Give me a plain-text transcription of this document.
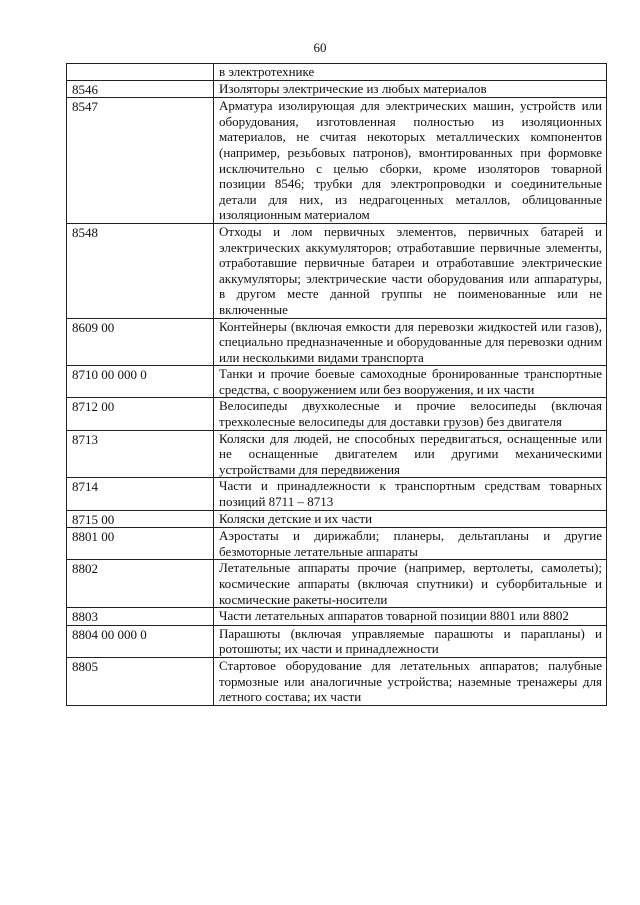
60
	в электротехнике
8546	Изоляторы электрические из любых материалов
8547	Арматура изолирующая для электрических машин, устройств или оборудования, изготовленная полностью из изоляционных материалов, не считая некоторых металлических компонентов (например, резьбовых патронов), вмонтированных при формовке исключительно с целью сборки, кроме изоляторов товарной позиции 8546; трубки для электропроводки и соединительные детали для них, из недрагоценных металлов, облицованные изоляционным материалом
8548	Отходы и лом первичных элементов, первичных батарей и электрических аккумуляторов; отработавшие первичные элементы, отработавшие первичные батареи и отработавшие электрические аккумуляторы; электрические части оборудования или аппаратуры, в другом месте данной группы не поименованные или не включенные
8609 00	Контейнеры (включая емкости для перевозки жидкостей или газов), специально предназначенные и оборудованные для перевозки одним или несколькими видами транспорта
8710 00 000 0	Танки и прочие боевые самоходные бронированные транспортные средства, с вооружением или без вооружения, и их части
8712 00	Велосипеды двухколесные и прочие велосипеды (включая трехколесные велосипеды для доставки грузов) без двигателя
8713	Коляски для людей, не способных передвигаться, оснащенные или не оснащенные двигателем или другими механическими устройствами для передвижения
8714	Части и принадлежности к транспортным средствам товарных позиций 8711 – 8713
8715 00	Коляски детские и их части
8801 00	Аэростаты и дирижабли; планеры, дельтапланы и другие безмоторные летательные аппараты
8802	Летательные аппараты прочие (например, вертолеты, самолеты); космические аппараты (включая спутники) и суборбитальные и космические ракеты-носители
8803	Части летательных аппаратов товарной позиции 8801 или 8802
8804 00 000 0	Парашюты (включая управляемые парашюты и парапланы) и ротошюты; их части и принадлежности
8805	Стартовое оборудование для летательных аппаратов; палубные тормозные или аналогичные устройства; наземные тренажеры для летного состава; их части
